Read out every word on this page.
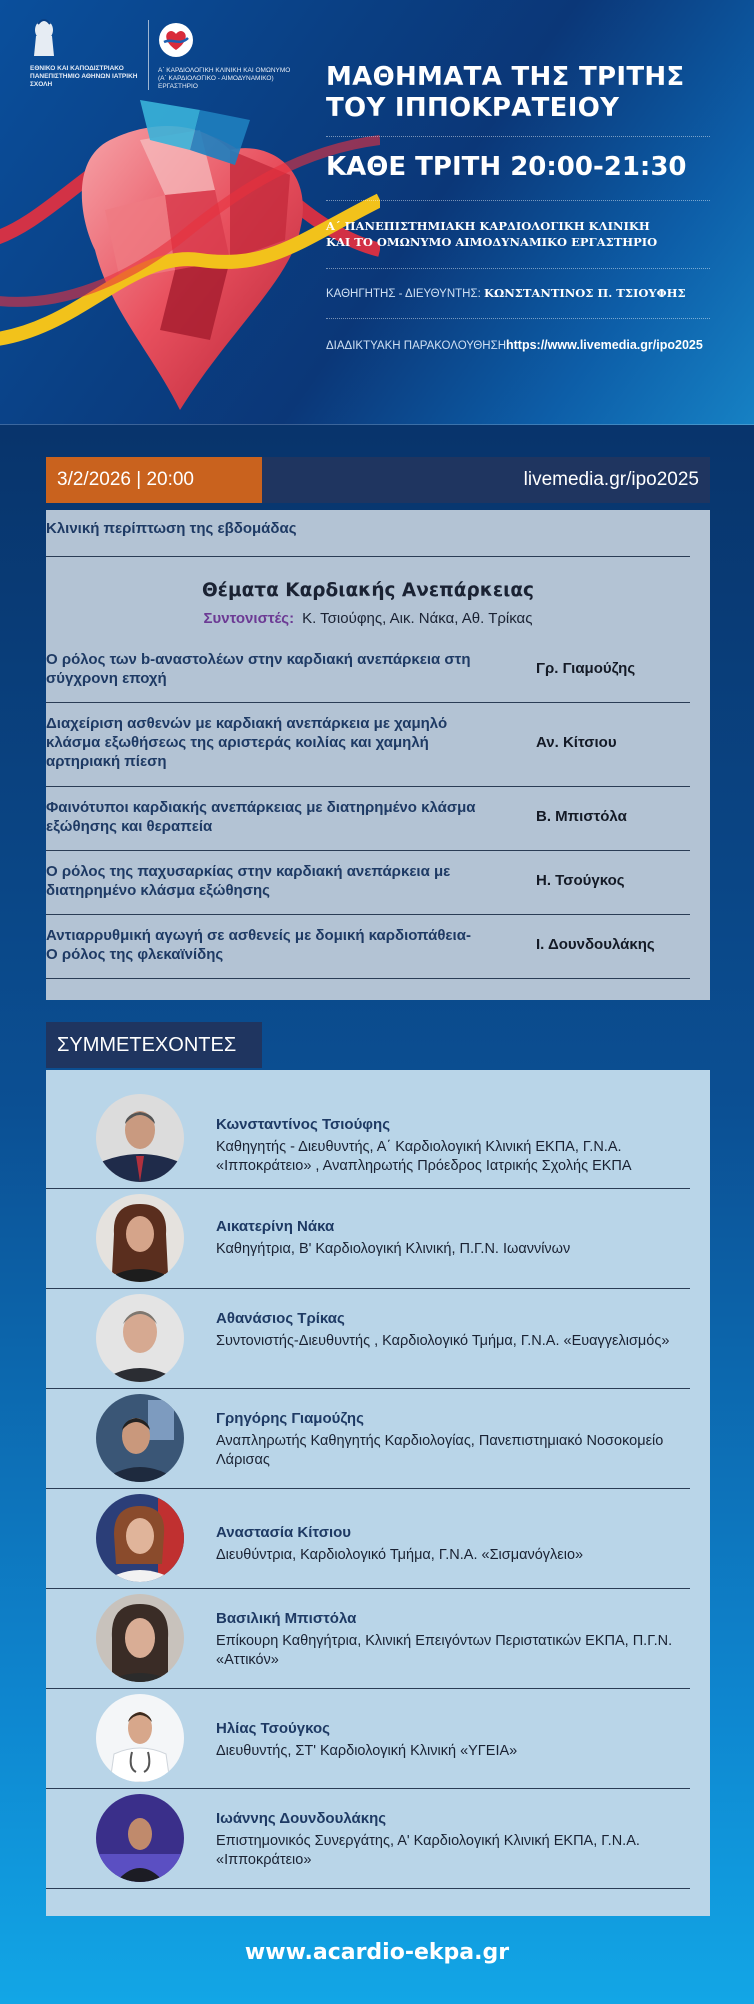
ΕΘΝΙΚΟ ΚΑΙ ΚΑΠΟΔΙΣΤΡΙΑΚΟ ΠΑΝΕΠΙΣΤΗΜΙΟ ΑΘΗΝΩΝ ΙΑΤΡΙΚΗ ΣΧΟΛΗ
Α΄ ΚΑΡΔΙΟΛΟΓΙΚΗ ΚΛΙΝΙΚΗ ΚΑΙ ΟΜΩΝΥΜΟ (Α΄ ΚΑΡΔΙΟΛΟΓΙΚΟ - ΑΙΜΟΔΥΝΑΜΙΚΟ) ΕΡΓΑΣΤΗΡΙΟ	ΜΑΘΗΜΑΤΑ ΤΗΣ ΤΡΙΤΗΣ
ΤΟΥ ΙΠΠΟΚΡΑΤΕΙΟΥ
ΚΑΘΕ ΤΡΙΤΗ 20:00-21:30
Α΄ ΠΑΝΕΠΙΣΤΗΜΙΑΚΗ ΚΑΡΔΙΟΛΟΓΙΚΗ ΚΛΙΝΙΚΗ
ΚΑΙ ΤΟ ΟΜΩΝΥΜΟ ΑΙΜΟΔΥΝΑΜΙΚΟ ΕΡΓΑΣΤΗΡΙΟ
ΚΑΘΗΓΗΤΗΣ - ΔΙΕΥΘΥΝΤΗΣ: ΚΩΝΣΤΑΝΤΙΝΟΣ Π. ΤΣΙΟΥΦΗΣ
ΔΙΑΔΙΚΤΥΑΚΗ ΠΑΡΑΚΟΛΟΥΘΗΣΗhttps://www.livemedia.gr/ipo2025
3/2/2026 | 20:00	livemedia.gr/ipo2025
Κλινική περίπτωση της εβδομάδας
Θέματα Καρδιακής Ανεπάρκειας
Συντονιστές: Κ. Τσιούφης, Αικ. Νάκα, Αθ. Τρίκας
Ο ρόλος των b-αναστολέων στην καρδιακή ανεπάρκεια στη σύγχρονη εποχή
Γρ. Γιαμούζης
Διαχείριση ασθενών με καρδιακή ανεπάρκεια με χαμηλό κλάσμα εξωθήσεως της αριστεράς κοιλίας και χαμηλή αρτηριακή πίεση
Αν. Κίτσιου
Φαινότυποι καρδιακής ανεπάρκειας με διατηρημένο κλάσμα εξώθησης και θεραπεία
Β. Μπιστόλα
Ο ρόλος της παχυσαρκίας στην καρδιακή ανεπάρκεια με διατηρημένο κλάσμα εξώθησης
Η. Τσούγκος
Αντιαρρυθμική αγωγή σε ασθενείς με δομική καρδιοπάθεια- Ο ρόλος της φλεκαϊνίδης
Ι. Δουνδουλάκης
ΣΥΜΜΕΤΕΧΟΝΤΕΣ
Κωνσταντίνος Τσιούφης
Καθηγητής - Διευθυντής, Α΄ Καρδιολογική Κλινική ΕΚΠΑ, Γ.Ν.Α. «Ιπποκράτειο» , Αναπληρωτής Πρόεδρος Ιατρικής Σχολής ΕΚΠΑ
Αικατερίνη Νάκα
Καθηγήτρια, Β' Καρδιολογική Κλινική, Π.Γ.Ν. Ιωαννίνων
Αθανάσιος Τρίκας
Συντονιστής-Διευθυντής , Καρδιολογικό Τμήμα, Γ.Ν.Α. «Ευαγγελισμός»
Γρηγόρης Γιαμούζης
Αναπληρωτής Καθηγητής Καρδιολογίας, Πανεπιστημιακό Νοσοκομείο Λάρισας
Αναστασία Κίτσιου
Διευθύντρια, Καρδιολογικό Τμήμα, Γ.Ν.Α. «Σισμανόγλειο»
Βασιλική Μπιστόλα
Επίκουρη Καθηγήτρια, Κλινική Επειγόντων Περιστατικών ΕΚΠΑ, Π.Γ.Ν. «Αττικόν»
Ηλίας Τσούγκος
Διευθυντής, ΣΤ' Καρδιολογική Κλινική «ΥΓΕΙΑ»
Ιωάννης Δουνδουλάκης
Επιστημονικός Συνεργάτης, Α' Καρδιολογική Κλινική ΕΚΠΑ, Γ.Ν.Α. «Ιπποκράτειο»
www.acardio-ekpa.gr
